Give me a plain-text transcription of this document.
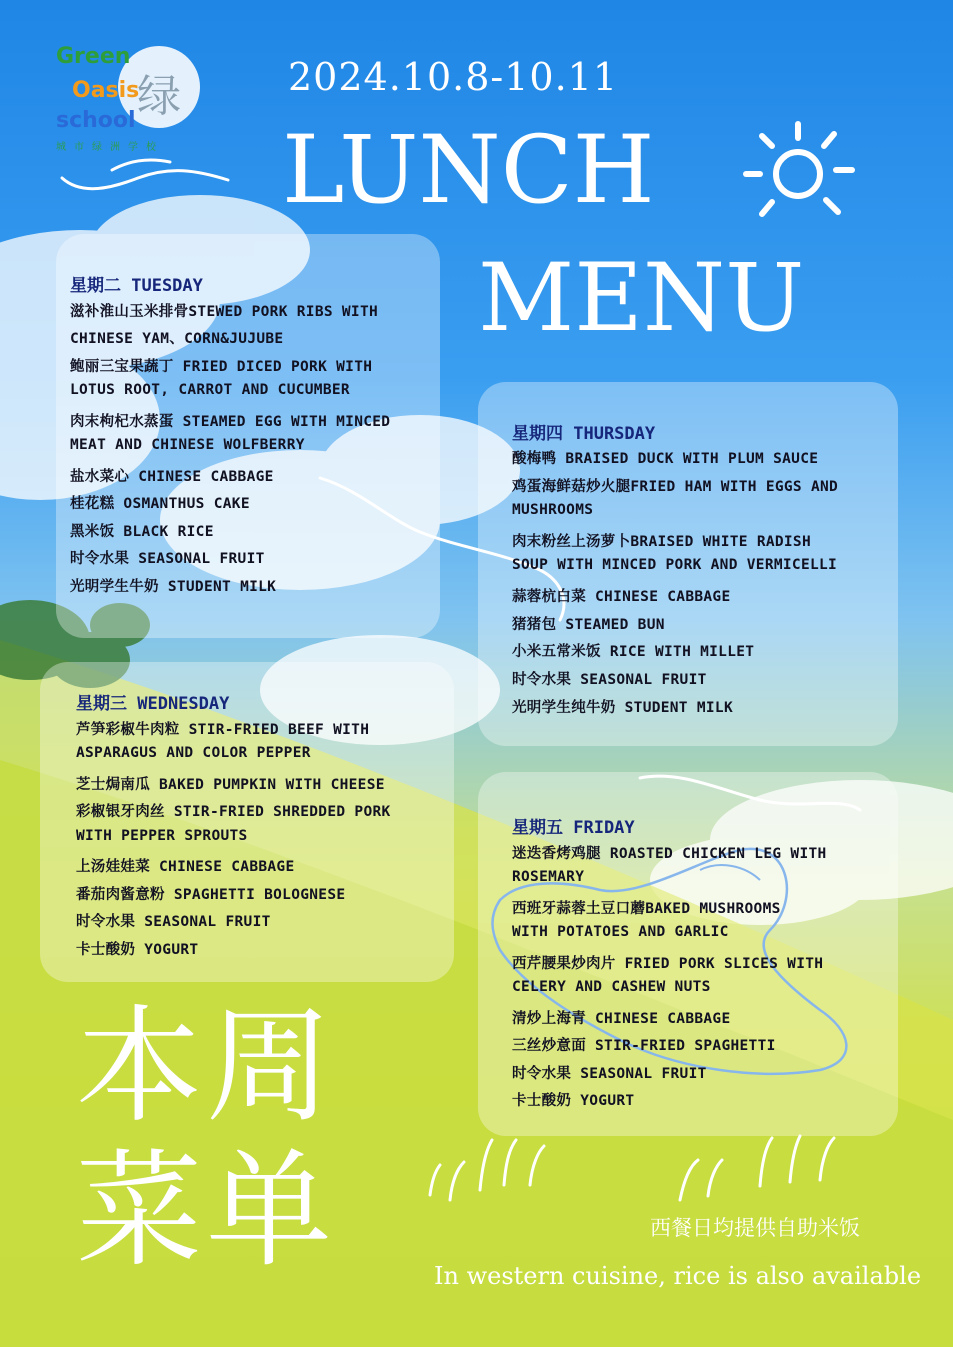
绿
Green
Oasis
school
城市绿洲学校
2024.10.8-10.11
LUNCH
MENU
星期二 TUESDAY
滋补淮山玉米排骨STEWED PORK RIBS WITH
CHINESE YAM、CORN&JUJUBE
鲍丽三宝果蔬丁 FRIED DICED PORK WITH
LOTUS ROOT, CARROT AND CUCUMBER
肉末枸杞水蒸蛋 STEAMED EGG WITH MINCED
MEAT AND CHINESE WOLFBERRY
盐水菜心 CHINESE CABBAGE
桂花糕 OSMANTHUS CAKE
黑米饭 BLACK RICE
时令水果 SEASONAL FRUIT
光明学生牛奶 STUDENT MILK
星期三 WEDNESDAY
芦笋彩椒牛肉粒 STIR-FRIED BEEF WITH
ASPARAGUS AND COLOR PEPPER
芝士焗南瓜 BAKED PUMPKIN WITH CHEESE
彩椒银牙肉丝 STIR-FRIED SHREDDED PORK
WITH PEPPER SPROUTS
上汤娃娃菜 CHINESE CABBAGE
番茄肉酱意粉 SPAGHETTI BOLOGNESE
时令水果 SEASONAL FRUIT
卡士酸奶 YOGURT
星期四 THURSDAY
酸梅鸭 BRAISED DUCK WITH PLUM SAUCE
鸡蛋海鲜菇炒火腿FRIED HAM WITH EGGS AND
MUSHROOMS
肉末粉丝上汤萝卜BRAISED WHITE RADISH
SOUP WITH MINCED PORK AND VERMICELLI
蒜蓉杭白菜 CHINESE CABBAGE
猪猪包 STEAMED BUN
小米五常米饭 RICE WITH MILLET
时令水果 SEASONAL FRUIT
光明学生纯牛奶 STUDENT MILK
星期五 FRIDAY
迷迭香烤鸡腿 ROASTED CHICKEN LEG WITH
ROSEMARY
西班牙蒜蓉土豆口蘑BAKED MUSHROOMS
WITH POTATOES AND GARLIC
西芹腰果炒肉片 FRIED PORK SLICES WITH
CELERY AND CASHEW NUTS
清炒上海青 CHINESE CABBAGE
三丝炒意面 STIR-FRIED SPAGHETTI
时令水果 SEASONAL FRUIT
卡士酸奶 YOGURT
本 周
菜 单	西餐日均提供自助米饭
In western cuisine, rice is also available
